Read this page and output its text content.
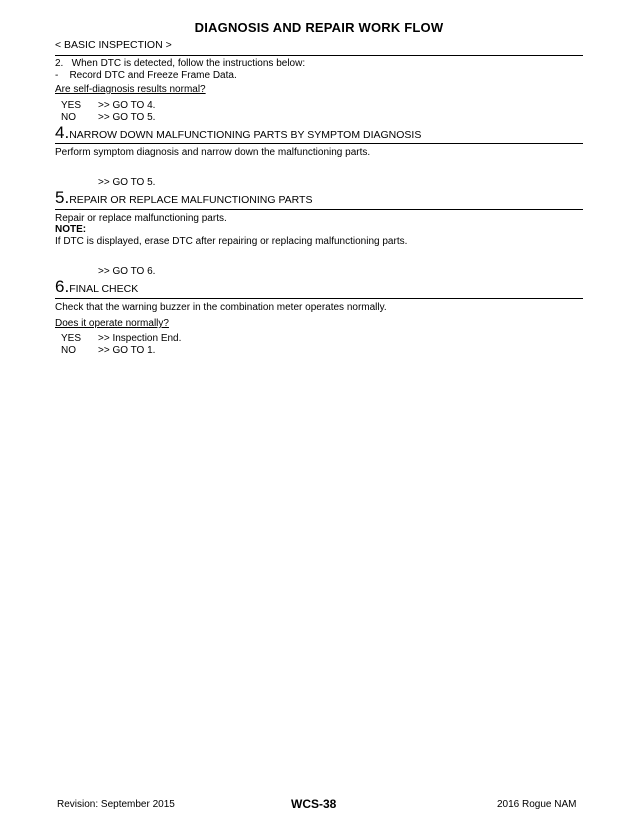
DIAGNOSIS AND REPAIR WORK FLOW
< BASIC INSPECTION >
2.   When DTC is detected, follow the instructions below:
-    Record DTC and Freeze Frame Data.
Are self-diagnosis results normal?
YES >> GO TO 4.
NO >> GO TO 5.
4.NARROW DOWN MALFUNCTIONING PARTS BY SYMPTOM DIAGNOSIS
Perform symptom diagnosis and narrow down the malfunctioning parts.
>> GO TO 5.
5.REPAIR OR REPLACE MALFUNCTIONING PARTS
Repair or replace malfunctioning parts.
NOTE:
If DTC is displayed, erase DTC after repairing or replacing malfunctioning parts.
>> GO TO 6.
6.FINAL CHECK
Check that the warning buzzer in the combination meter operates normally.
Does it operate normally?
YES >> Inspection End.
NO >> GO TO 1.
Revision: September 2015	WCS-38	2016 Rogue NAM
